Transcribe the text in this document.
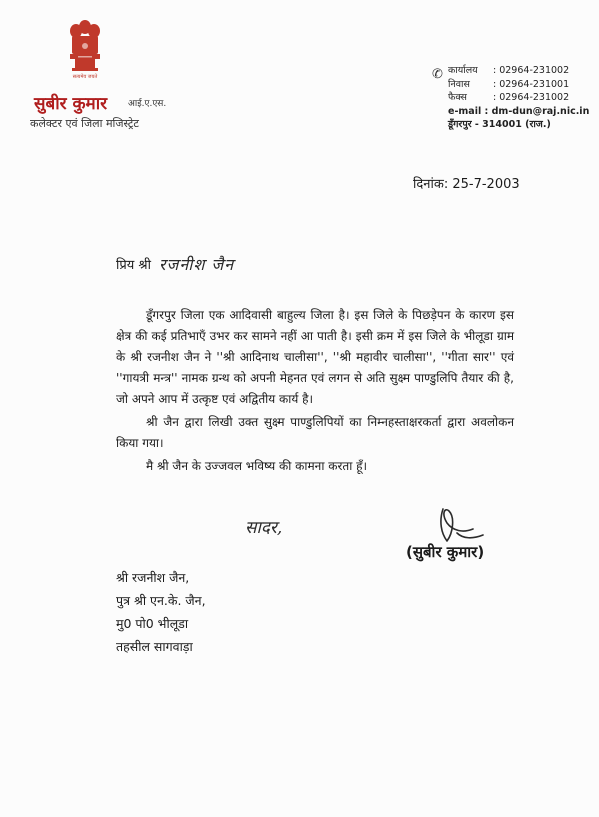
सत्यमेव जयते
सुबीर कुमार आई.ए.एस.
कलेक्टर एवं जिला मजिस्ट्रेट
✆ कार्यालय	: 02964-231002
निवास	: 02964-231001
फैक्स	: 02964-231002
e-mail : dm-dun@raj.nic.in
डूँगरपुर - 314001 (राज.)
दिनांक: 25-7-2003
प्रिय श्री रजनीश जैन

डूँगरपुर जिला एक आदिवासी बाहुल्य जिला है। इस जिले के पिछड़ेपन के कारण इस क्षेत्र की कई प्रतिभाएँ उभर कर सामने नहीं आ पाती है। इसी क्रम में इस जिले के भीलूडा ग्राम के श्री रजनीश जैन ने ''श्री आदिनाथ चालीसा'', ''श्री महावीर चालीसा'', ''गीता सार'' एवं ''गायत्री मन्त्र'' नामक ग्रन्थ को अपनी मेहनत एवं लगन से अति सुक्ष्म पाण्डुलिपि तैयार की है, जो अपने आप में उत्कृष्ट एवं अद्वितीय कार्य है।

श्री जैन द्वारा लिखी उक्त सुक्ष्म पाण्डुलिपियों का निम्नहस्ताक्षरकर्ता द्वारा अवलोकन किया गया।

मै श्री जैन के उज्जवल भविष्य की कामना करता हूँ।

सादर,
(सुबीर कुमार)
श्री रजनीश जैन,
पुत्र श्री एन.के. जैन,
मु0 पो0 भीलूडा
तहसील सागवाड़ा
